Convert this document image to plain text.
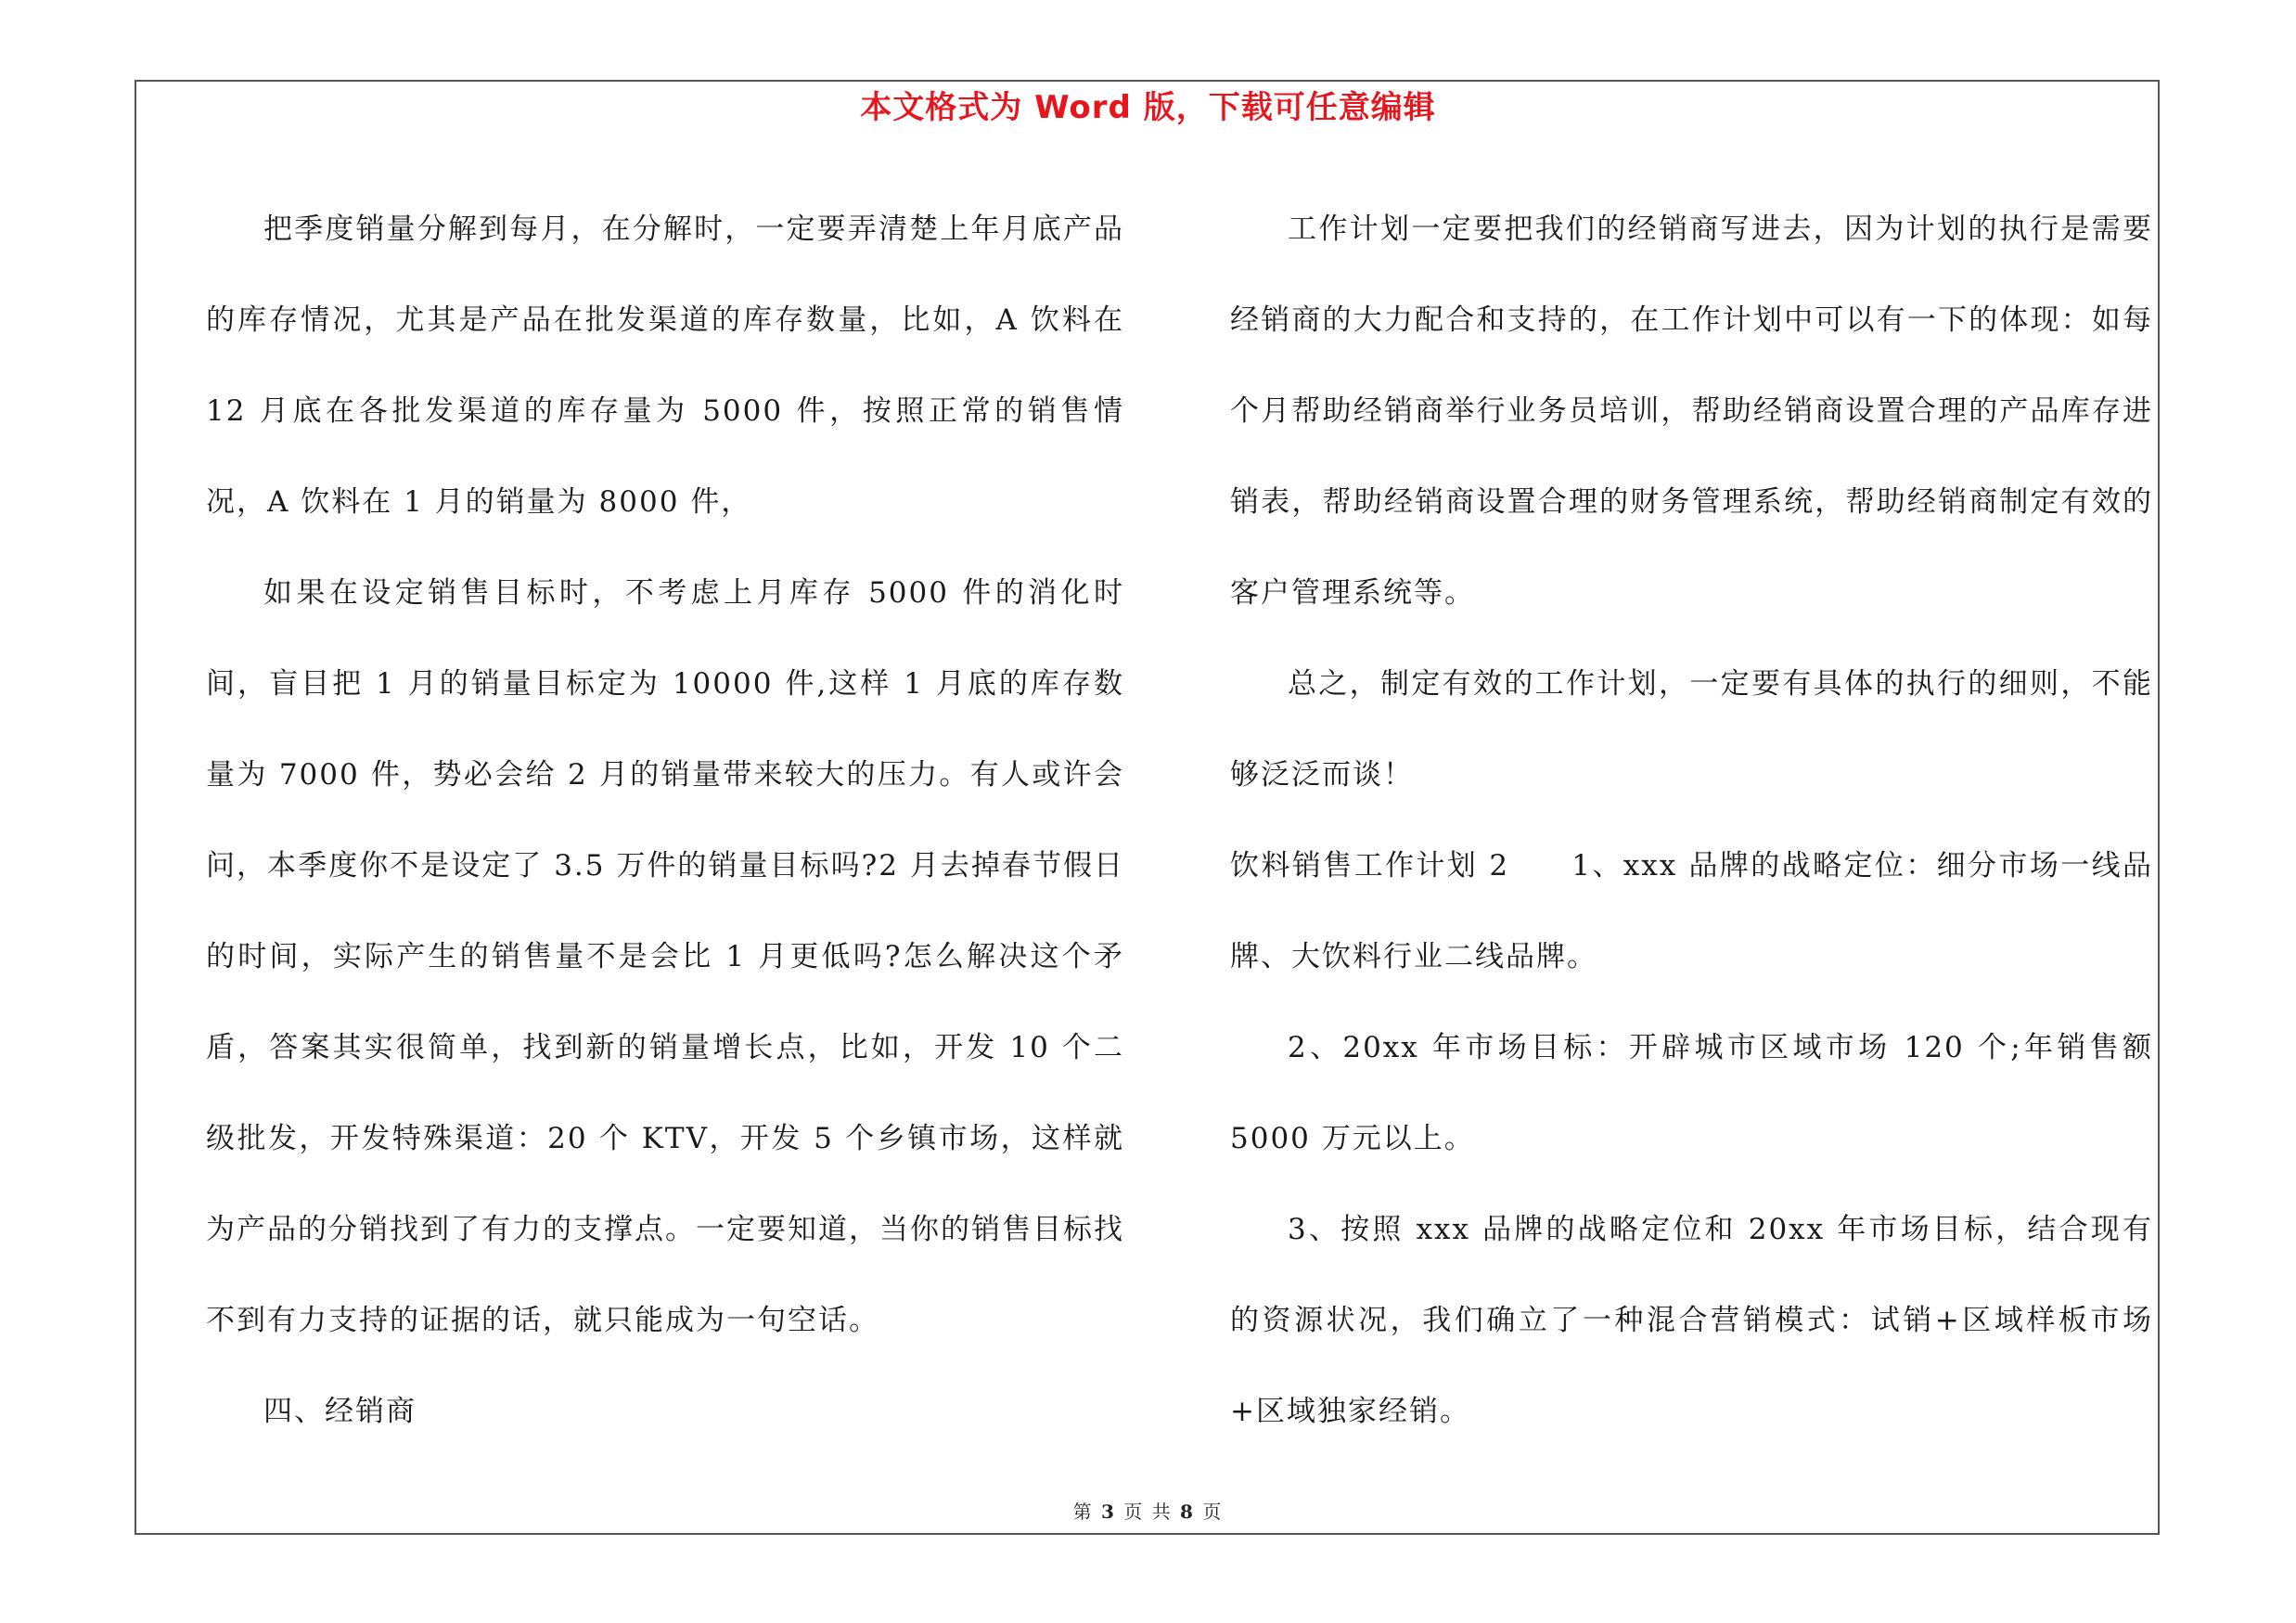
本文格式为 Word 版，下载可任意编辑

把季度销量分解到每月，在分解时，一定要弄清楚上年月底产品的库存情况，尤其是产品在批发渠道的库存数量，比如，A 饮料在 12 月底在各批发渠道的库存量为 5000 件，按照正常的销售情况，A 饮料在 1 月的销量为 8000 件，

如果在设定销售目标时，不考虑上月库存 5000 件的消化时间，盲目把 1 月的销量目标定为 10000 件,这样 1 月底的库存数量为 7000 件，势必会给 2 月的销量带来较大的压力。有人或许会问，本季度你不是设定了 3.5 万件的销量目标吗?2 月去掉春节假日的时间，实际产生的销售量不是会比 1 月更低吗?怎么解决这个矛盾，答案其实很简单，找到新的销量增长点，比如，开发 10 个二级批发，开发特殊渠道：20 个 KTV，开发 5 个乡镇市场，这样就为产品的分销找到了有力的支撑点。一定要知道，当你的销售目标找不到有力支持的证据的话，就只能成为一句空话。

四、经销商

工作计划一定要把我们的经销商写进去，因为计划的执行是需要经销商的大力配合和支持的，在工作计划中可以有一下的体现：如每个月帮助经销商举行业务员培训，帮助经销商设置合理的产品库存进销表，帮助经销商设置合理的财务管理系统，帮助经销商制定有效的客户管理系统等。

总之，制定有效的工作计划，一定要有具体的执行的细则，不能够泛泛而谈！

饮料销售工作计划 2　　1、xxx 品牌的战略定位：细分市场一线品牌、大饮料行业二线品牌。

2、20xx 年市场目标：开辟城市区域市场 120 个;年销售额 5000 万元以上。

3、按照 xxx 品牌的战略定位和 20xx 年市场目标，结合现有的资源状况，我们确立了一种混合营销模式：试销+区域样板市场+区域独家经销。

第 3 页 共 8 页
